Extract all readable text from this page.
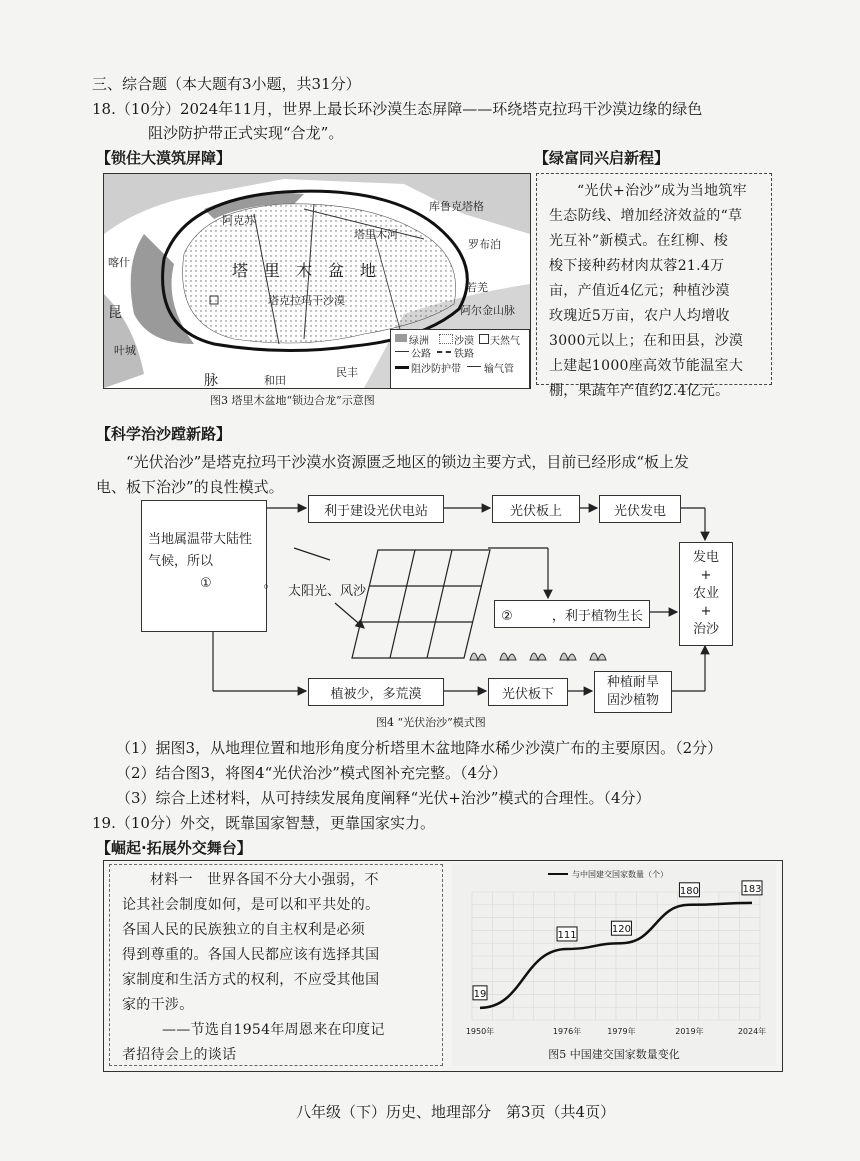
三、综合题（本大题有3小题，共31分）
18.（10分）2024年11月，世界上最长环沙漠生态屏障——环绕塔克拉玛干沙漠边缘的绿色
阻沙防护带正式实现“合龙”。
【锁住大漠筑屏障】	【绿富同兴启新程】
阿克苏
库鲁克塔格
塔里木河
罗布泊
塔　里　木　盆　地
塔克拉玛干沙漠
喀什
若羌
阿尔金山脉
昆
脉	和田
民丰
叶城
绿洲	沙漠 天然气
公路 铁路
阻沙防护带 输气管
图3 塔里木盆地“锁边合龙”示意图

“光伏+治沙”成为当地筑牢

生态防线、增加经济效益的“草

光互补”新模式。在红柳、梭

梭下接种药材肉苁蓉21.4万

亩，产值近4亿元；种植沙漠

玫瑰近5万亩，农户人均增收

3000元以上；在和田县，沙漠

上建起1000座高效节能温室大

棚，果蔬年产值约2.4亿元。

【科学治沙蹚新路】
“光伏治沙”是塔克拉玛干沙漠水资源匮乏地区的锁边主要方式，目前已经形成“板上发
电、板下治沙”的良性模式。
当地属温带大陆性
气候，所以
①　　　　。
利于建设光伏电站	光伏板上	光伏发电
太阳光、风沙
②　　　，利于植物生长
植被少，多荒漠	光伏板下
种植耐旱
固沙植物
发电
+
农业
+
治沙
图4 “光伏治沙”模式图
（1）据图3，从地理位置和地形角度分析塔里木盆地降水稀少沙漠广布的主要原因。（2分）
（2）结合图3，将图4“光伏治沙”模式图补充完整。（4分）
（3）综合上述材料，从可持续发展角度阐释“光伏+治沙”模式的合理性。（4分）
19.（10分）外交，既靠国家智慧，更靠国家实力。
【崛起·拓展外交舞台】

材料一　世界各国不分大小强弱，不

论其社会制度如何，是可以和平共处的。

各国人民的民族独立的自主权利是必须

得到尊重的。各国人民都应该有选择其国

家制度和生活方式的权利，不应受其他国

家的干涉。

——节选自1954年周恩来在印度记

者招待会上的谈话

19
1950年
111
1976年
120
1979年
180
2019年
183
2024年
与中国建交国家数量（个）
图5 中国建交国家数量变化
八年级（下）历史、地理部分　第3页（共4页）
